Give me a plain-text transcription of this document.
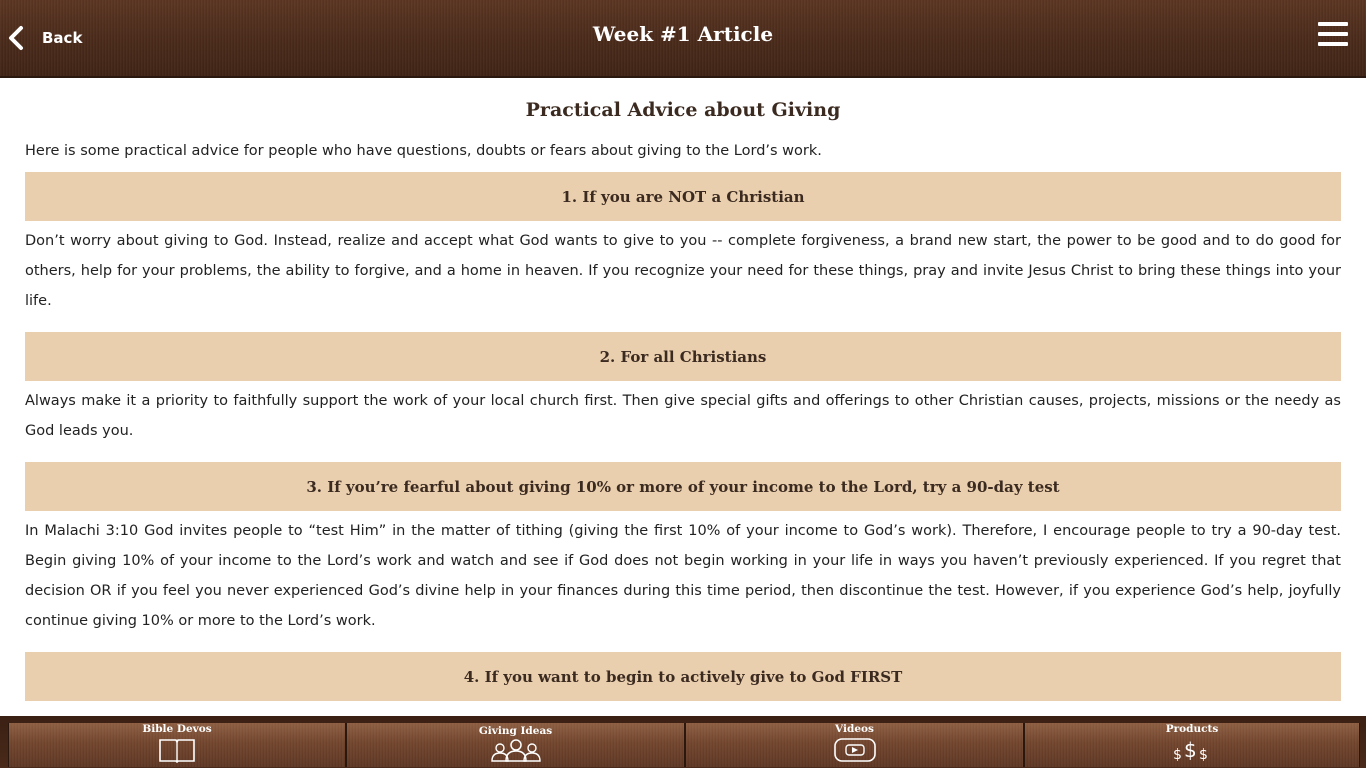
Back	Week #1 Article
Practical Advice about Giving
Here is some practical advice for people who have questions, doubts or fears about giving to the Lord’s work.
1. If you are NOT a Christian
Don’t worry about giving to God. Instead, realize and accept what God wants to give to you -- complete forgiveness, a brand new start, the power to be good and to do good for others, help for your problems, the ability to forgive, and a home in heaven. If you recognize your need for these things, pray and invite Jesus Christ to bring these things into your life.
2. For all Christians
Always make it a priority to faithfully support the work of your local church first. Then give special gifts and offerings to other Christian causes, projects, missions or the needy as God leads you.
3. If you’re fearful about giving 10% or more of your income to the Lord, try a 90-day test
In Malachi 3:10 God invites people to “test Him” in the matter of tithing (giving the first 10% of your income to God’s work). Therefore, I encourage people to try a 90-day test. Begin giving 10% of your income to the Lord’s work and watch and see if God does not begin working in your life in ways you haven’t previously experienced. If you regret that decision OR if you feel you never experienced God’s divine help in your finances during this time period, then discontinue the test. However, if you experience God’s help, joyfully continue giving 10% or more to the Lord’s work.
4. If you want to begin to actively give to God FIRST
Bible Devos	Giving Ideas	Videos	Products
$ $ $
